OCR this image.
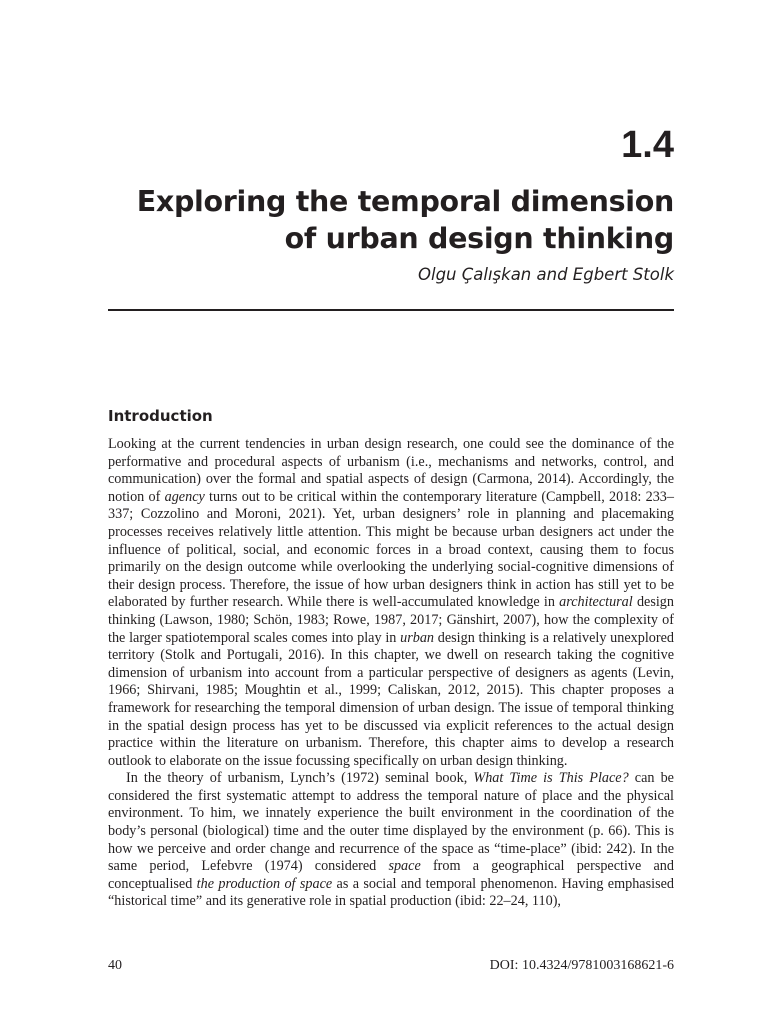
1.4
Exploring the temporal dimension
of urban design thinking

Olgu Çalışkan and Egbert Stolk

Introduction

Looking at the current tendencies in urban design research, one could see the dominance of the performative and procedural aspects of urbanism (i.e., mechanisms and networks, control, and communication) over the formal and spatial aspects of design (Carmona, 2014). Accordingly, the notion of agency turns out to be critical within the contemporary literature (Campbell, 2018: 233–337; Cozzolino and Moroni, 2021). Yet, urban designers’ role in planning and placemaking processes receives relatively little attention. This might be because urban designers act under the influence of political, social, and economic forces in a broad context, causing them to focus primarily on the design outcome while overlooking the underlying social-cognitive dimensions of their design process. Therefore, the issue of how urban designers think in action has still yet to be elaborated by further research. While there is well-accumulated knowledge in architectural design thinking (Lawson, 1980; Schön, 1983; Rowe, 1987, 2017; Gänshirt, 2007), how the complexity of the larger spatiotemporal scales comes into play in urban design thinking is a relatively unexplored territory (Stolk and Portugali, 2016). In this chapter, we dwell on research taking the cognitive dimension of urbanism into account from a particular perspective of designers as agents (Levin, 1966; Shirvani, 1985; Moughtin et al., 1999; Caliskan, 2012, 2015). This chapter proposes a framework for researching the temporal dimension of urban design. The issue of temporal thinking in the spatial design process has yet to be discussed via explicit references to the actual design practice within the literature on urbanism. Therefore, this chapter aims to develop a research outlook to elaborate on the issue focussing specifically on urban design thinking.

In the theory of urbanism, Lynch’s (1972) seminal book, What Time is This Place? can be considered the first systematic attempt to address the temporal nature of place and the physical environment. To him, we innately experience the built environment in the coordination of the body’s personal (biological) time and the outer time displayed by the environment (p. 66). This is how we perceive and order change and recurrence of the space as “time-place” (ibid: 242). In the same period, Lefebvre (1974) considered space from a geographical perspective and conceptualised the production of space as a social and temporal phenomenon. Having emphasised “historical time” and its generative role in spatial production (ibid: 22–24, 110),

40	DOI: 10.4324/9781003168621-6
